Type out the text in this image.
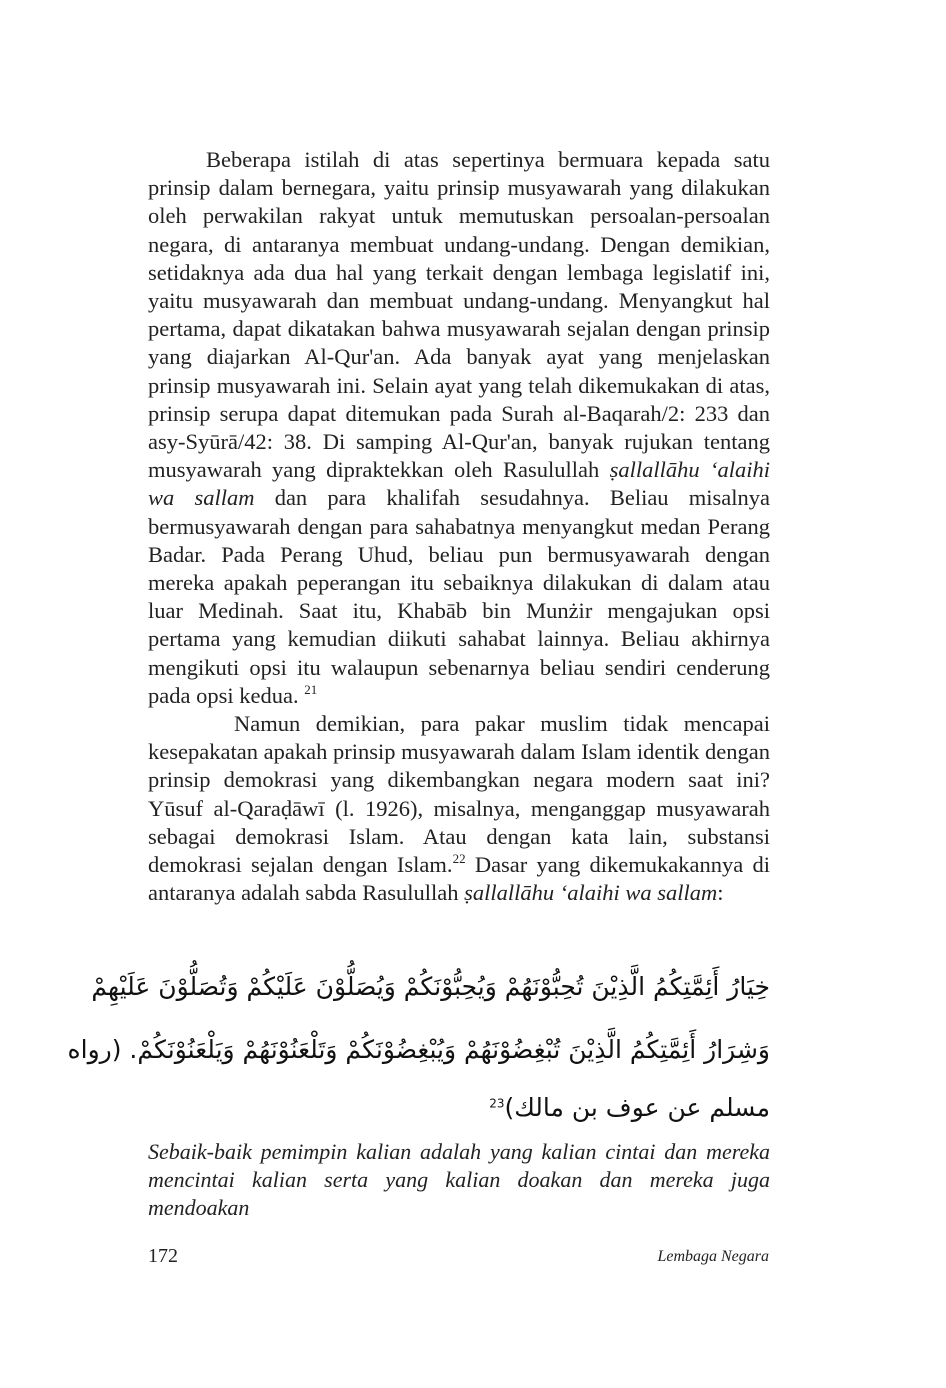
Beberapa istilah di atas sepertinya bermuara kepada satu prinsip dalam bernegara, yaitu prinsip musyawarah yang dilakukan oleh perwakilan rakyat untuk memutuskan persoalan-persoalan negara, di antaranya membuat undang-undang. Dengan demikian, setidaknya ada dua hal yang terkait dengan lembaga legislatif ini, yaitu musyawarah dan membuat undang-undang. Menyangkut hal pertama, dapat dikatakan bahwa musyawarah sejalan dengan prinsip yang diajarkan Al-Qur'an. Ada banyak ayat yang menjelaskan prinsip musyawarah ini. Selain ayat yang telah dikemukakan di atas, prinsip serupa dapat ditemukan pada Surah al-Baqarah/2: 233 dan asy-Syūrā/42: 38. Di samping Al-Qur'an, banyak rujukan tentang musyawarah yang dipraktekkan oleh Rasulullah ṣallallāhu ‘alaihi wa sallam dan para khalifah sesudahnya. Beliau misalnya bermusyawarah dengan para sahabatnya menyangkut medan Perang Badar. Pada Perang Uhud, beliau pun bermusyawarah dengan mereka apakah peperangan itu sebaiknya dilakukan di dalam atau luar Medinah. Saat itu, Khabāb bin Munżir mengajukan opsi pertama yang kemudian diikuti sahabat lainnya. Beliau akhirnya mengikuti opsi itu walaupun sebenarnya beliau sendiri cenderung pada opsi kedua. $^{21}$

Namun demikian, para pakar muslim tidak mencapai kesepakatan apakah prinsip musyawarah dalam Islam identik dengan prinsip demokrasi yang dikembangkan negara modern saat ini? Yūsuf al-Qaraḍāwī (l. 1926), misalnya, menganggap musyawarah sebagai demokrasi Islam. Atau dengan kata lain, substansi demokrasi sejalan dengan Islam.$^{22}$ Dasar yang dikemukakannya di antaranya adalah sabda Rasulullah ṣallallāhu ‘alaihi wa sallam:

خِيَارُ أَئِمَّتِكُمُ الَّذِيْنَ تُحِبُّوْنَهُمْ وَيُحِبُّوْنَكُمْ وَيُصَلُّوْنَ عَلَيْكُمْ وَتُصَلُّوْنَ عَلَيْهِمْ
وَشِرَارُ أَئِمَّتِكُمُ الَّذِيْنَ تُبْغِضُوْنَهُمْ وَيُبْغِضُوْنَكُمْ وَتَلْعَنُوْنَهُمْ وَيَلْعَنُوْنَكُمْ. (رواه
مسلم عن عوف بن مالك)$^{23}$

Sebaik-baik pemimpin kalian adalah yang kalian cintai dan mereka mencintai kalian serta yang kalian doakan dan mereka juga mendoakan

172	Lembaga Negara
